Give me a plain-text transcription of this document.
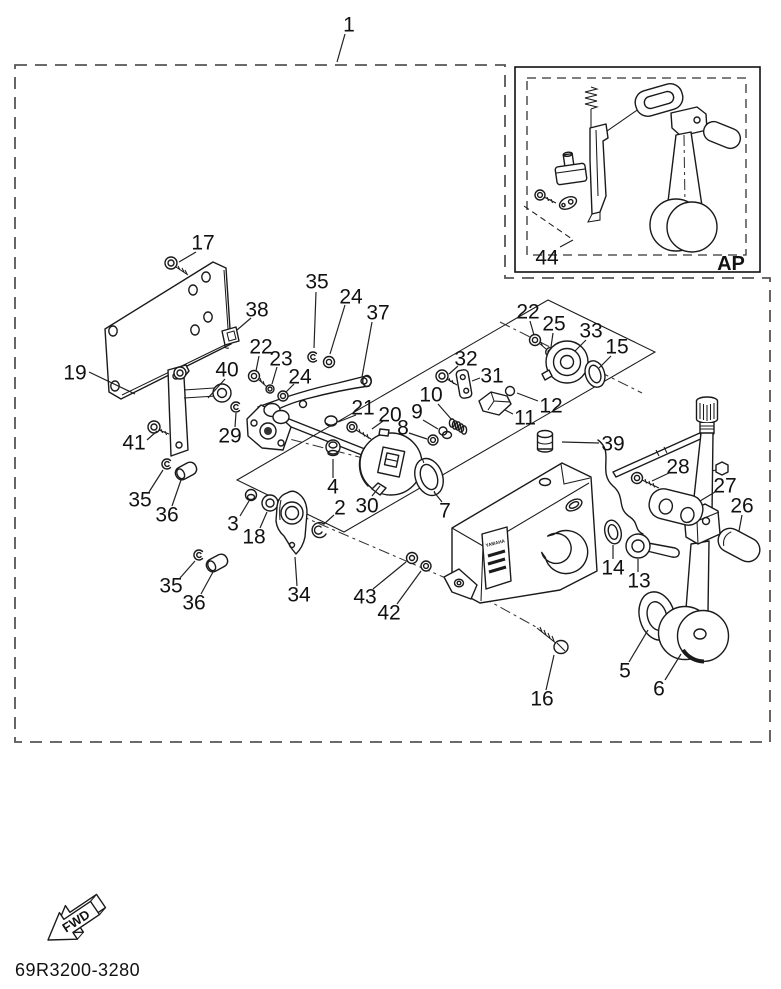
YAMAHA
AP
1
17
19
38
35
24
37
22
23
24
40
41	29
35
36 3
18
34
35
36
2
4
30
43
42
21 20
8
9
10
32
31
11
12
22
25 33
15
39
28
27
26
7
14
13
5
6
16
44
FWD
69R3200-3280
